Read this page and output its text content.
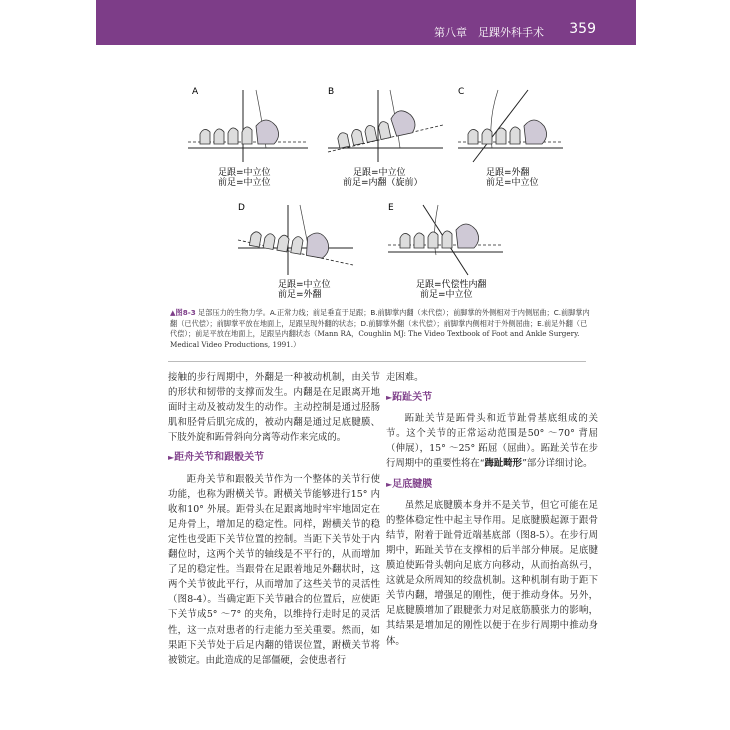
第八章　足踝外科手术 359
A
足跟=中立位
前足=中立位
B
足跟=中立位
前足=内翻（旋前）
C
足跟=外翻
前足=中立位
D
足跟=中立位
前足=外翻
E
足跟=代偿性内翻
前足=中立位
▲图8-3 足部压力的生物力学。A.正常力线；前足垂直于足跟；B.前脚掌内翻（未代偿）；前脚掌的外侧相对于内侧屈曲；C.前脚掌内翻（已代偿）；前脚掌平放在地面上，足跟呈现外翻的状态；D.前脚掌外翻（未代偿）；前脚掌内侧相对于外侧屈曲；E.前足外翻（已代偿）；前足平放在地面上，足跟呈内翻状态（Mann RA，Coughlin MJ: The Video Textbook of Foot and Ankle Surgery. Medical Video Productions, 1991.）

接触的步行周期中，外翻是一种被动机制，由关节的形状和韧带的支撑而发生。内翻是在足跟离开地面时主动及被动发生的动作。主动控制是通过胫肠肌和胫骨后肌完成的，被动内翻是通过足底腱膜、下肢外旋和跖骨斜向分离等动作来完成的。

►距舟关节和跟骰关节

距舟关节和跟骰关节作为一个整体的关节行使功能，也称为跗横关节。跗横关节能够进行15° 内收和10° 外展。距骨头在足跟离地时牢牢地固定在足舟骨上，增加足的稳定性。同样，跗横关节的稳定性也受距下关节位置的控制。当距下关节处于内翻位时，这两个关节的轴线是不平行的，从而增加了足的稳定性。当跟骨在足跟着地足外翻状时，这两个关节彼此平行，从而增加了这些关节的灵活性（图8-4）。当确定距下关节融合的位置后，应使距下关节成5° ～7° 的夹角，以维持行走时足的灵活性，这一点对患者的行走能力至关重要。然而，如果距下关节处于后足内翻的错误位置，跗横关节将被锁定。由此造成的足部僵硬，会使患者行

走困难。

►跖趾关节

跖趾关节是跖骨头和近节趾骨基底组成的关节。这个关节的正常运动范围是50° ～70° 背屈（伸展），15° ～25° 跖屈（屈曲）。跖趾关节在步行周期中的重要性将在“踇趾畸形”部分详细讨论。

►足底腱膜

虽然足底腱膜本身并不是关节，但它可能在足的整体稳定性中起主导作用。足底腱膜起源于跟骨结节，附着于趾骨近端基底部（图8-5）。在步行周期中，跖趾关节在支撑相的后半部分伸展。足底腱膜迫使跖骨头朝向足底方向移动，从而抬高纵弓，这就是众所周知的绞盘机制。这种机制有助于距下关节内翻，增强足的刚性，便于推动身体。另外，足底腱膜增加了跟腱张力对足底筋膜张力的影响，其结果是增加足的刚性以便于在步行周期中推动身体。
